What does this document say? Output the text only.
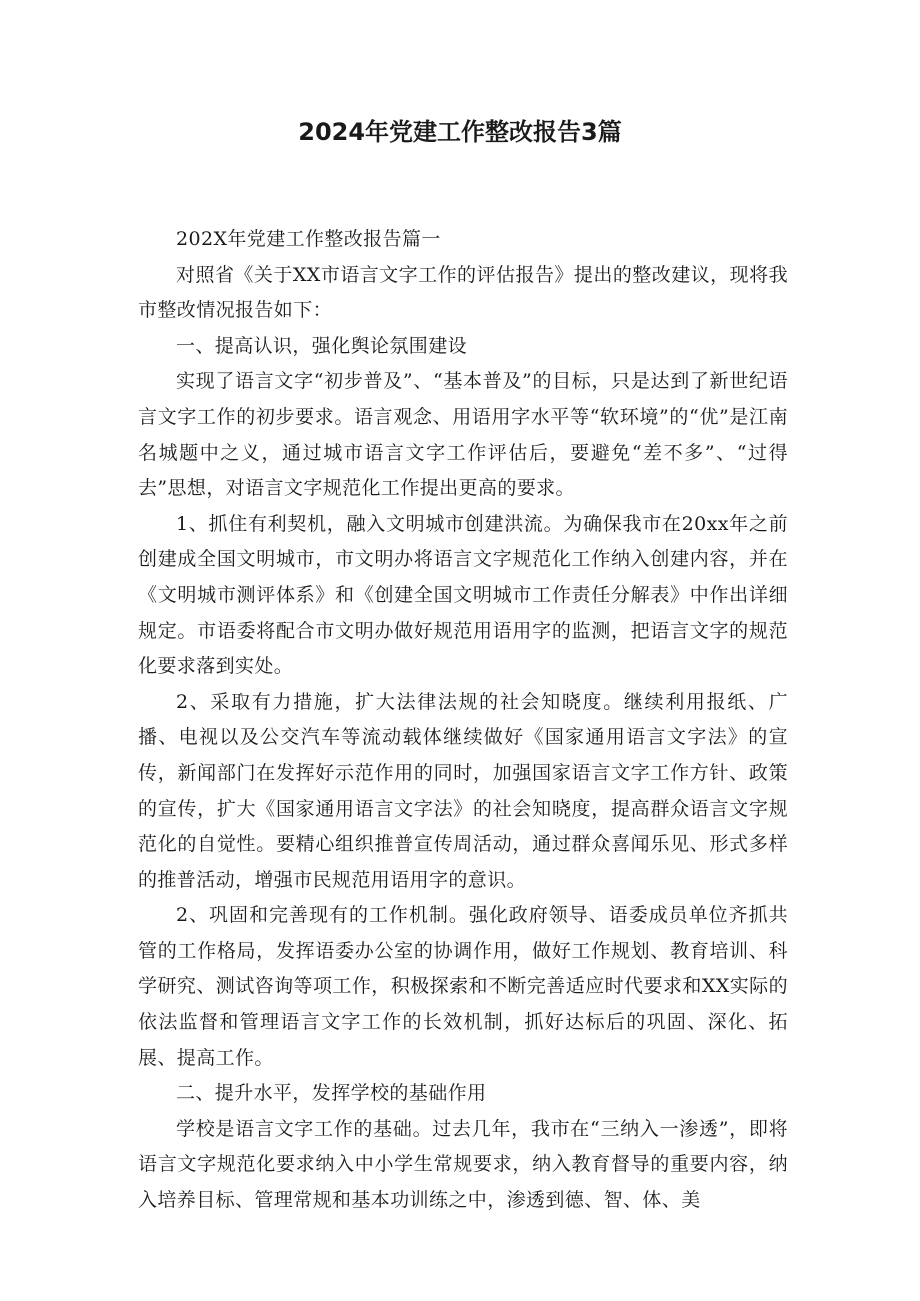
2024年党建工作整改报告3篇

202X年党建工作整改报告篇一

对照省《关于XX市语言文字工作的评估报告》提出的整改建议，现将我市整改情况报告如下：

一、提高认识，强化舆论氛围建设

实现了语言文字“初步普及”、“基本普及”的目标，只是达到了新世纪语言文字工作的初步要求。语言观念、用语用字水平等“软环境”的“优”是江南名城题中之义，通过城市语言文字工作评估后，要避免“差不多”、“过得去”思想，对语言文字规范化工作提出更高的要求。

1、抓住有利契机，融入文明城市创建洪流。为确保我市在20xx年之前创建成全国文明城市，市文明办将语言文字规范化工作纳入创建内容，并在《文明城市测评体系》和《创建全国文明城市工作责任分解表》中作出详细规定。市语委将配合市文明办做好规范用语用字的监测，把语言文字的规范化要求落到实处。

2、采取有力措施，扩大法律法规的社会知晓度。继续利用报纸、广播、电视以及公交汽车等流动载体继续做好《国家通用语言文字法》的宣传，新闻部门在发挥好示范作用的同时，加强国家语言文字工作方针、政策的宣传，扩大《国家通用语言文字法》的社会知晓度，提高群众语言文字规范化的自觉性。要精心组织推普宣传周活动，通过群众喜闻乐见、形式多样的推普活动，增强市民规范用语用字的意识。

2、巩固和完善现有的工作机制。强化政府领导、语委成员单位齐抓共管的工作格局，发挥语委办公室的协调作用，做好工作规划、教育培训、科学研究、测试咨询等项工作，积极探索和不断完善适应时代要求和XX实际的依法监督和管理语言文字工作的长效机制，抓好达标后的巩固、深化、拓展、提高工作。

二、提升水平，发挥学校的基础作用

学校是语言文字工作的基础。过去几年，我市在“三纳入一渗透”，即将语言文字规范化要求纳入中小学生常规要求，纳入教育督导的重要内容，纳入培养目标、管理常规和基本功训练之中，渗透到德、智、体、美
